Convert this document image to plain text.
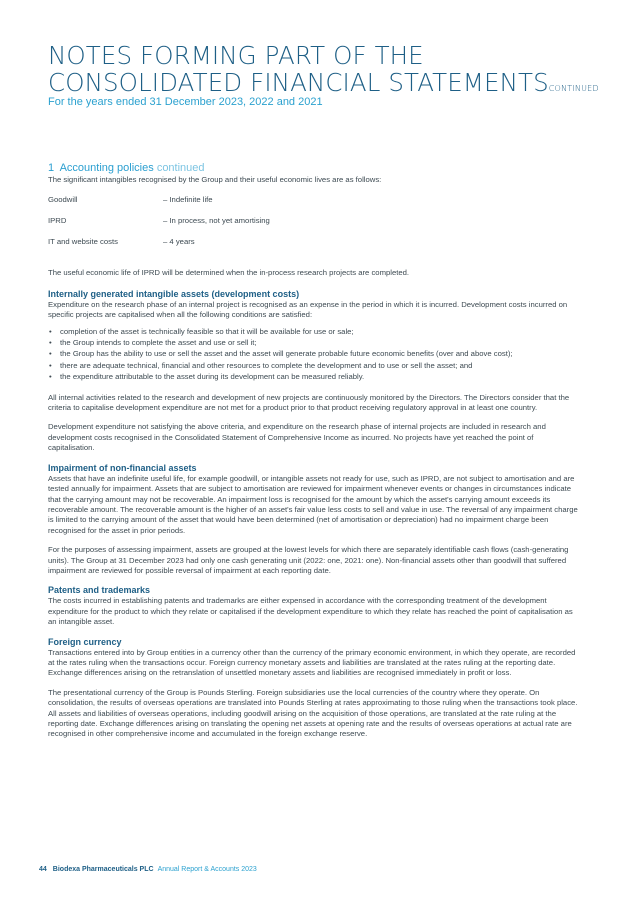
NOTES FORMING PART OF THE
CONSOLIDATED FINANCIAL STATEMENTSCONTINUED
For the years ended 31 December 2023, 2022 and 2021
1 Accounting policies continued

The significant intangibles recognised by the Group and their useful economic lives are as follows:

Goodwill	– Indefinite life
IPRD	– In process, not yet amortising
IT and website costs	– 4 years

The useful economic life of IPRD will be determined when the in-process research projects are completed.

Internally generated intangible assets (development costs)

Expenditure on the research phase of an internal project is recognised as an expense in the period in which it is incurred. Development costs incurred on specific projects are capitalised when all the following conditions are satisfied:

• completion of the asset is technically feasible so that it will be available for use or sale;
• the Group intends to complete the asset and use or sell it;
• the Group has the ability to use or sell the asset and the asset will generate probable future economic benefits (over and above cost);
• there are adequate technical, financial and other resources to complete the development and to use or sell the asset; and
• the expenditure attributable to the asset during its development can be measured reliably.

All internal activities related to the research and development of new projects are continuously monitored by the Directors. The Directors consider that the criteria to capitalise development expenditure are not met for a product prior to that product receiving regulatory approval in at least one country.

Development expenditure not satisfying the above criteria, and expenditure on the research phase of internal projects are included in research and development costs recognised in the Consolidated Statement of Comprehensive Income as incurred. No projects have yet reached the point of capitalisation.

Impairment of non-financial assets

Assets that have an indefinite useful life, for example goodwill, or intangible assets not ready for use, such as IPRD, are not subject to amortisation and are tested annually for impairment. Assets that are subject to amortisation are reviewed for impairment whenever events or changes in circumstances indicate that the carrying amount may not be recoverable. An impairment loss is recognised for the amount by which the asset's carrying amount exceeds its recoverable amount. The recoverable amount is the higher of an asset's fair value less costs to sell and value in use. The reversal of any impairment charge is limited to the carrying amount of the asset that would have been determined (net of amortisation or depreciation) had no impairment charge been recognised for the asset in prior periods.

For the purposes of assessing impairment, assets are grouped at the lowest levels for which there are separately identifiable cash flows (cash-generating units). The Group at 31 December 2023 had only one cash generating unit (2022: one, 2021: one). Non-financial assets other than goodwill that suffered impairment are reviewed for possible reversal of impairment at each reporting date.

Patents and trademarks

The costs incurred in establishing patents and trademarks are either expensed in accordance with the corresponding treatment of the development expenditure for the product to which they relate or capitalised if the development expenditure to which they relate has reached the point of capitalisation as an intangible asset.

Foreign currency

Transactions entered into by Group entities in a currency other than the currency of the primary economic environment, in which they operate, are recorded at the rates ruling when the transactions occur. Foreign currency monetary assets and liabilities are translated at the rates ruling at the reporting date. Exchange differences arising on the retranslation of unsettled monetary assets and liabilities are recognised immediately in profit or loss.

The presentational currency of the Group is Pounds Sterling. Foreign subsidiaries use the local currencies of the country where they operate. On consolidation, the results of overseas operations are translated into Pounds Sterling at rates approximating to those ruling when the transactions took place. All assets and liabilities of overseas operations, including goodwill arising on the acquisition of those operations, are translated at the rate ruling at the reporting date. Exchange differences arising on translating the opening net assets at opening rate and the results of overseas operations at actual rate are recognised in other comprehensive income and accumulated in the foreign exchange reserve.

44 Biodexa Pharmaceuticals PLC Annual Report & Accounts 2023
